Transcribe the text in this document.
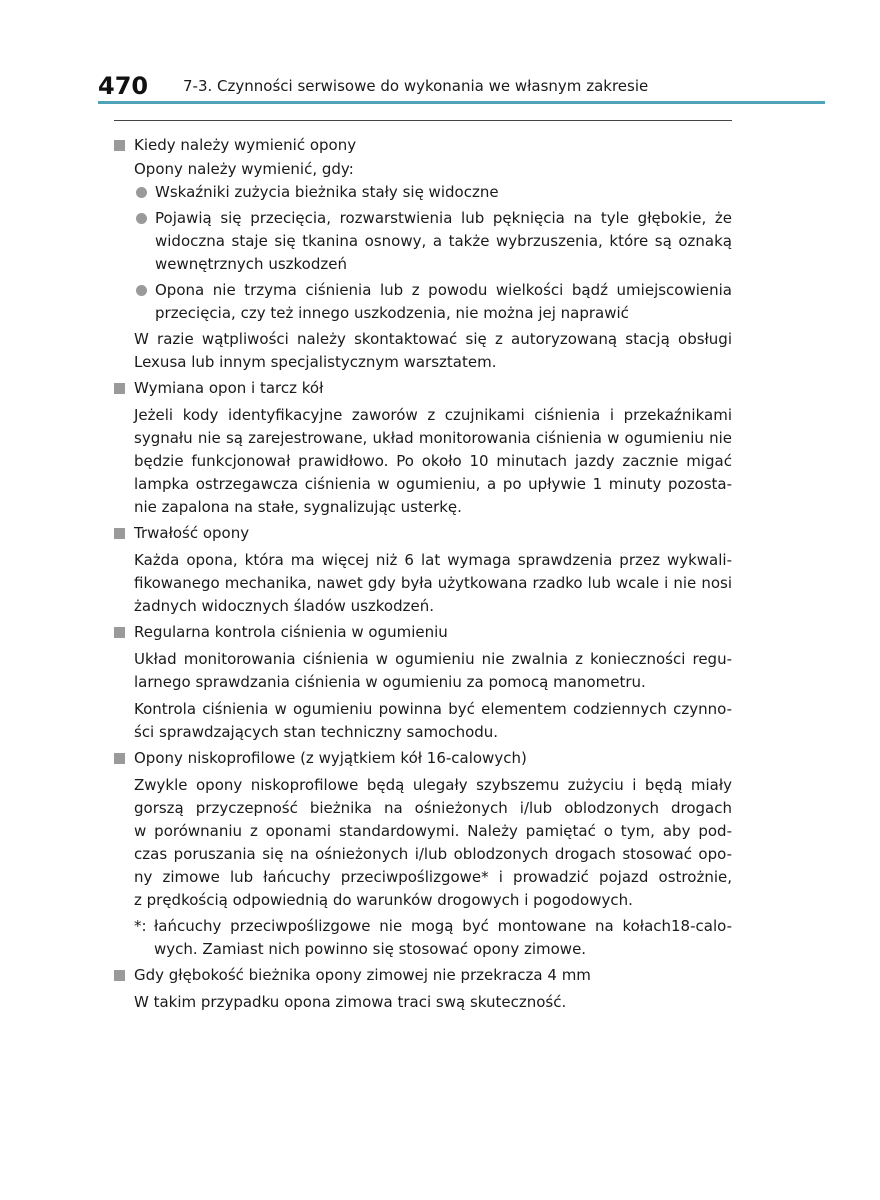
470 7-3. Czynności serwisowe do wykonania we własnym zakresie
Kiedy należy wymienić opony
Opony należy wymienić, gdy:
Wskaźniki zużycia bieżnika stały się widoczne
Pojawią się przecięcia, rozwarstwienia lub pęknięcia na tyle głębokie, że
widoczna staje się tkanina osnowy, a także wybrzuszenia, które są oznaką
wewnętrznych uszkodzeń
Opona nie trzyma ciśnienia lub z powodu wielkości bądź umiejscowienia
przecięcia, czy też innego uszkodzenia, nie można jej naprawić
W razie wątpliwości należy skontaktować się z autoryzowaną stacją obsługi
Lexusa lub innym specjalistycznym warsztatem.
Wymiana opon i tarcz kół
Jeżeli kody identyfikacyjne zaworów z czujnikami ciśnienia i przekaźnikami
sygnału nie są zarejestrowane, układ monitorowania ciśnienia w ogumieniu nie
będzie funkcjonował prawidłowo. Po około 10 minutach jazdy zacznie migać
lampka ostrzegawcza ciśnienia w ogumieniu, a po upływie 1 minuty pozosta-
nie zapalona na stałe, sygnalizując usterkę.
Trwałość opony
Każda opona, która ma więcej niż 6 lat wymaga sprawdzenia przez wykwali-
fikowanego mechanika, nawet gdy była użytkowana rzadko lub wcale i nie nosi
żadnych widocznych śladów uszkodzeń.
Regularna kontrola ciśnienia w ogumieniu
Układ monitorowania ciśnienia w ogumieniu nie zwalnia z konieczności regu-
larnego sprawdzania ciśnienia w ogumieniu za pomocą manometru.
Kontrola ciśnienia w ogumieniu powinna być elementem codziennych czynno-
ści sprawdzających stan techniczny samochodu.
Opony niskoprofilowe (z wyjątkiem kół 16-calowych)
Zwykle opony niskoprofilowe będą ulegały szybszemu zużyciu i będą miały
gorszą przyczepność bieżnika na ośnieżonych i/lub oblodzonych drogach
w porównaniu z oponami standardowymi. Należy pamiętać o tym, aby pod-
czas poruszania się na ośnieżonych i/lub oblodzonych drogach stosować opo-
ny zimowe lub łańcuchy przeciwpoślizgowe* i prowadzić pojazd ostrożnie,
z prędkością odpowiednią do warunków drogowych i pogodowych.
*: łańcuchy przeciwpoślizgowe nie mogą być montowane na kołach18-calo-
wych. Zamiast nich powinno się stosować opony zimowe.
Gdy głębokość bieżnika opony zimowej nie przekracza 4 mm
W takim przypadku opona zimowa traci swą skuteczność.
